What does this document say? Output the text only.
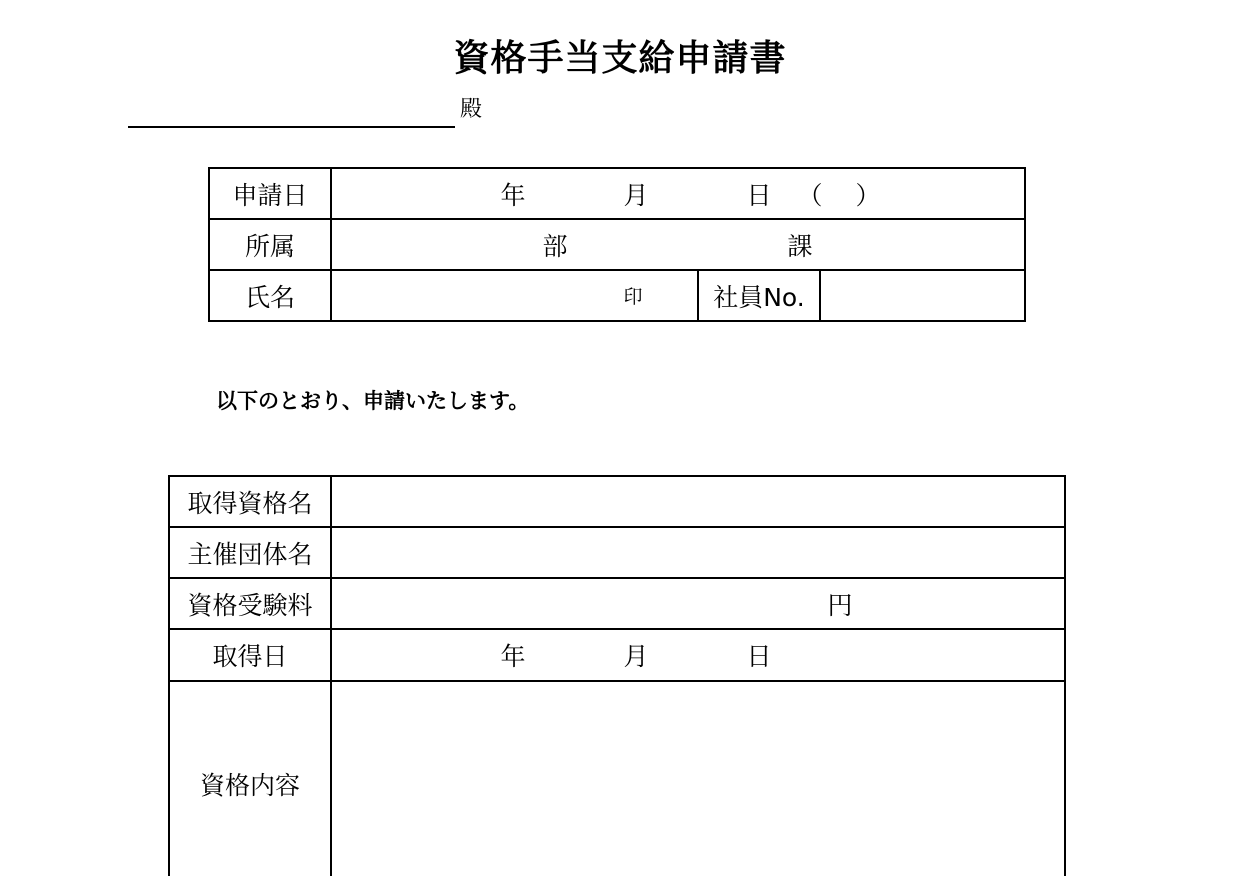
資格手当支給申請書
殿
申請日	年	月	日	（ ）
所属	部	課
氏名	印	社員No.
以下のとおり、申請いたします。
取得資格名
主催団体名
資格受験料	円
取得日	年	月	日
資格内容
